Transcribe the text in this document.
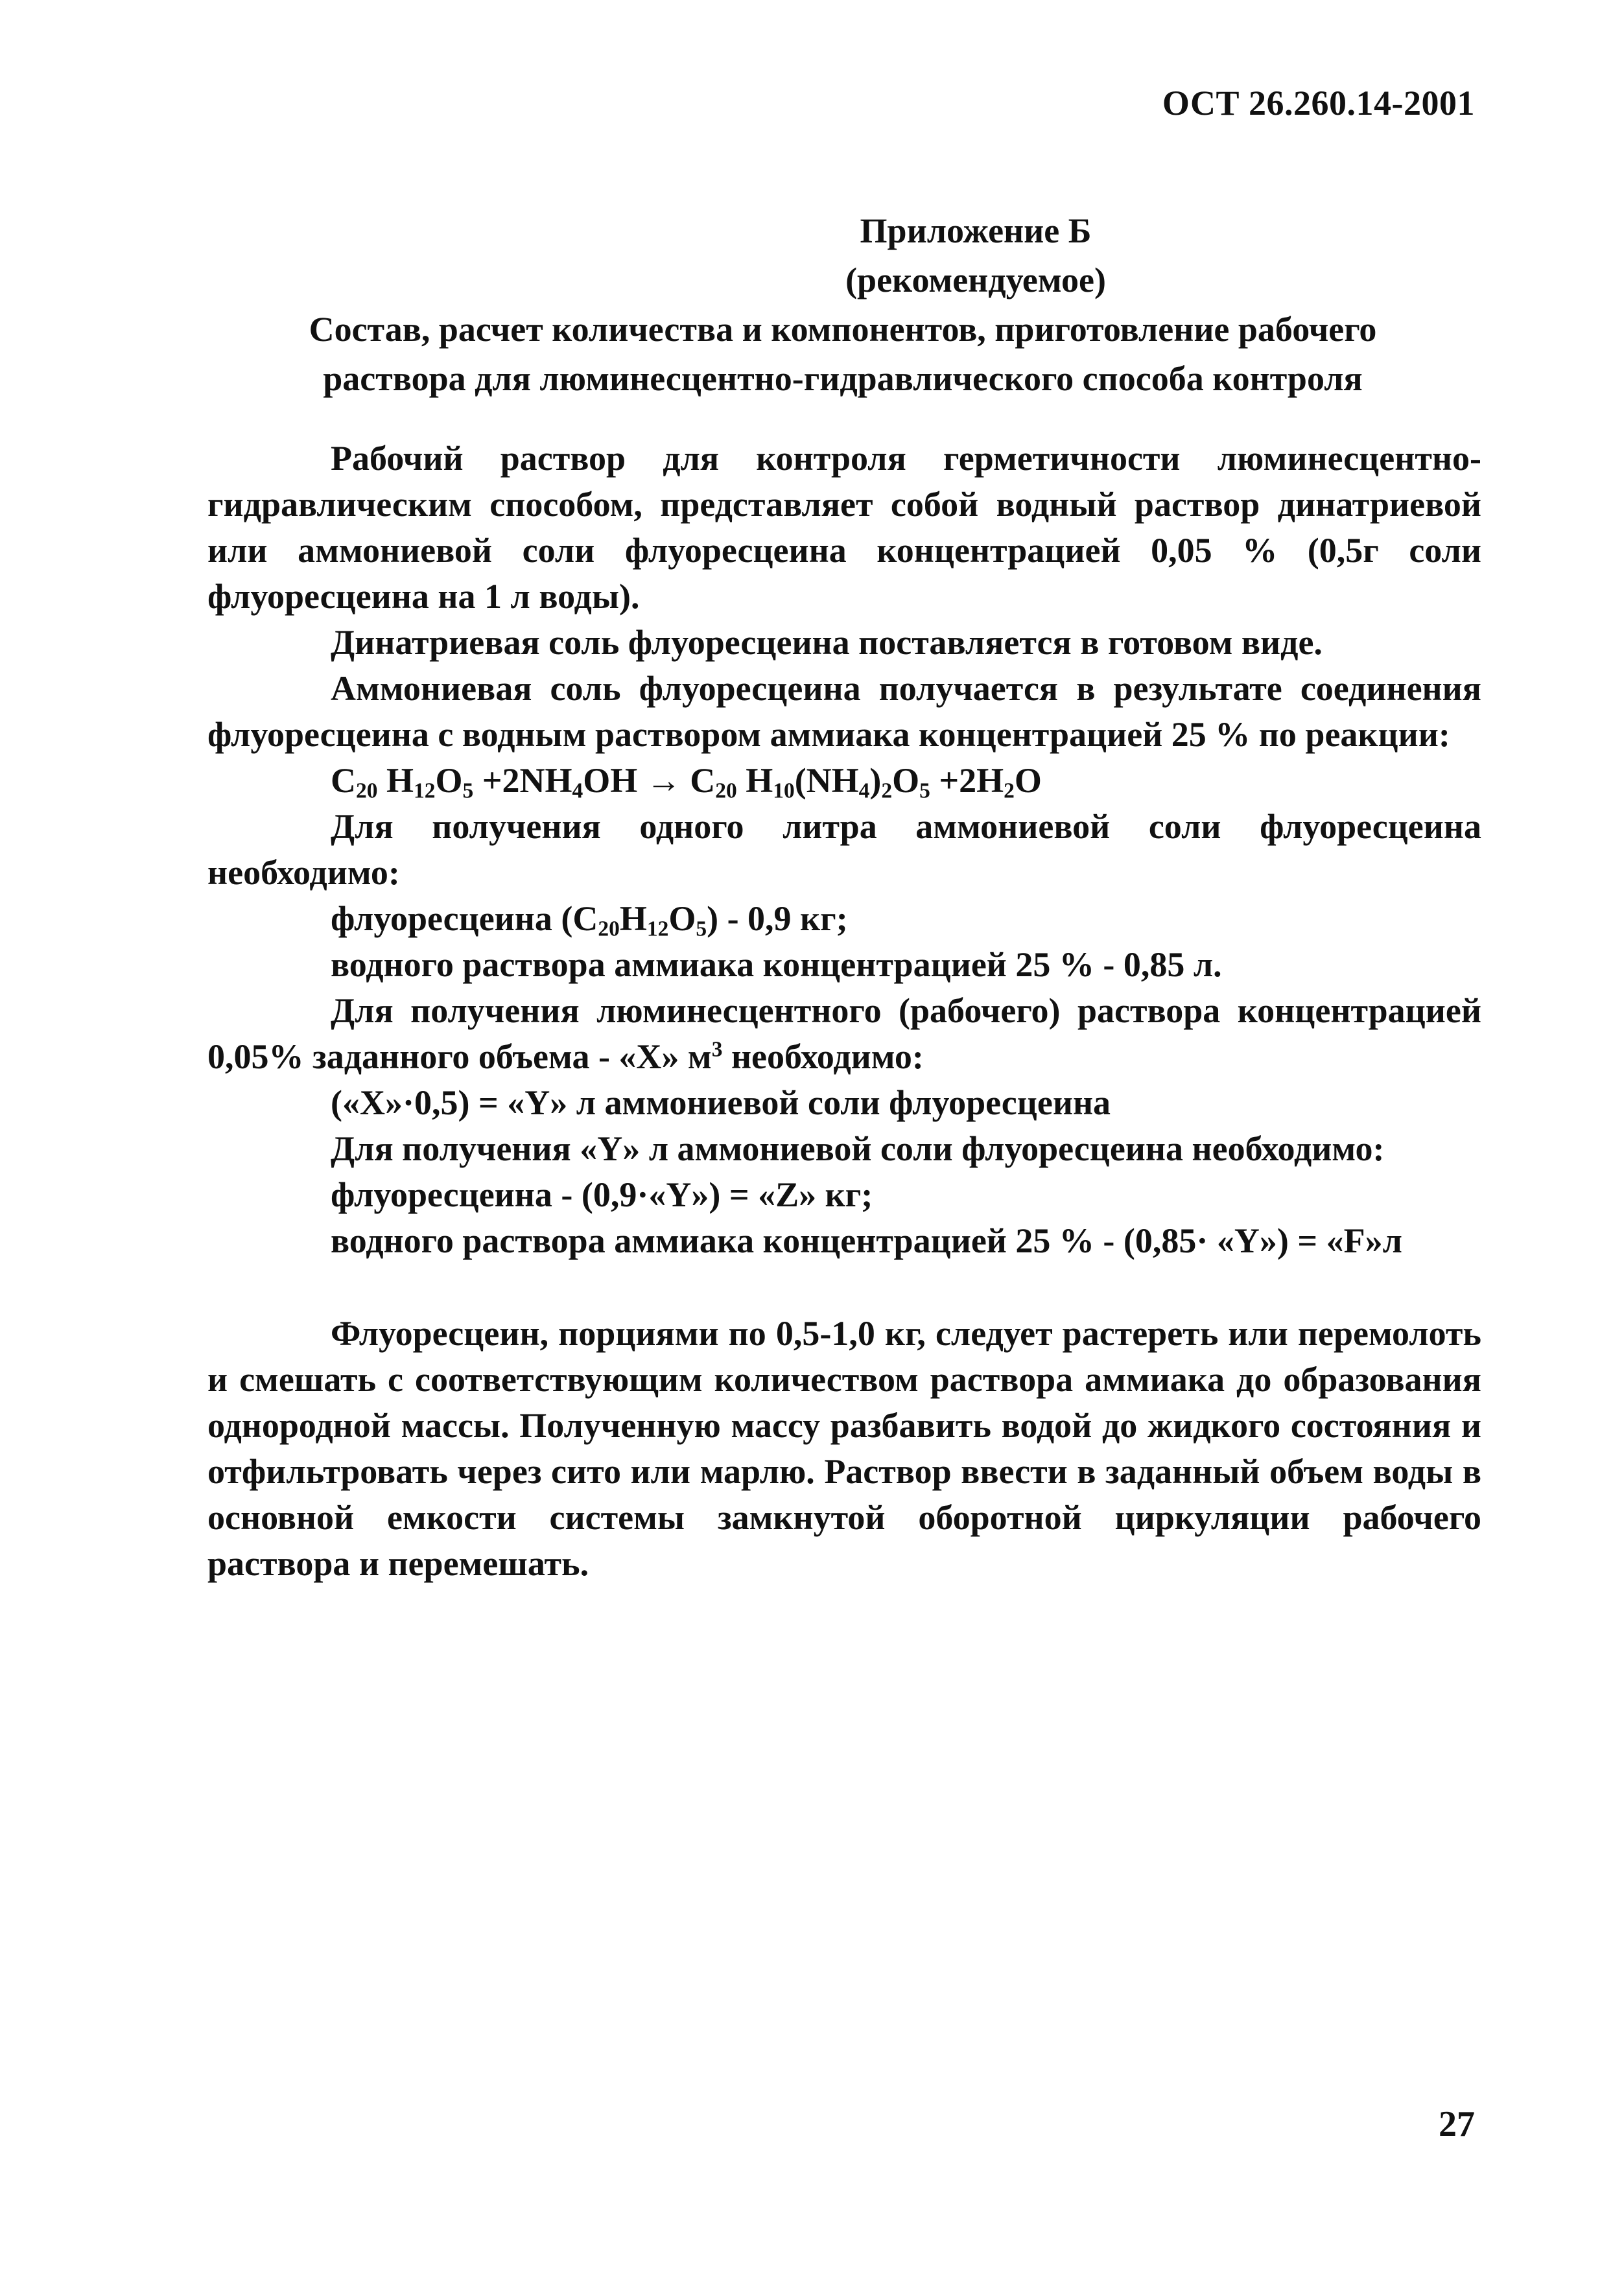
ОСТ 26.260.14-2001
Приложение Б
(рекомендуемое)
Состав, расчет количества и компонентов, приготовление рабочего
раствора для люминесцентно-гидравлического способа контроля

Рабочий раствор для контроля герметичности люминесцентно-гидравлическим способом, представляет собой водный раствор динатриевой или аммониевой соли флуоресцеина концентрацией 0,05 % (0,5г соли флуоресцеина на 1 л воды).

Динатриевая соль флуоресцеина поставляется в готовом виде.

Аммониевая соль флуоресцеина получается в результате соединения флуоресцеина с водным раствором аммиака концентрацией 25 % по реакции:

$C_{20}$ $H_{12}O_5 +2NH_4OH \to C_{20}$ $H_{10}(NH_4)_2O_5 +2H_2O$

Для получения одного литра аммониевой соли флуоресцеина необходимо:

флуоресцеина $(C_{20}H_{12}O_5) - 0,9$ кг;

водного раствора аммиака концентрацией 25 % - 0,85 л.

Для получения люминесцентного (рабочего) раствора концентрацией 0,05% заданного объема - «X» $м^3$ необходимо:

(«X»·0,5) = «Y» л аммониевой соли флуоресцеина

Для получения «Y» л аммониевой соли флуоресцеина необходимо:

флуоресцеина - (0,9·«Y») = «Z» кг;

водного раствора аммиака концентрацией 25 % - (0,85· «Y») = «F»л

Флуоресцеин, порциями по 0,5-1,0 кг, следует растереть или перемолоть и смешать с соответствующим количеством раствора аммиака до образования однородной массы. Полученную массу разбавить водой до жидкого состояния и отфильтровать через сито или марлю. Раствор ввести в заданный объем воды в основной емкости системы замкнутой оборотной циркуляции рабочего раствора и перемешать.

27
